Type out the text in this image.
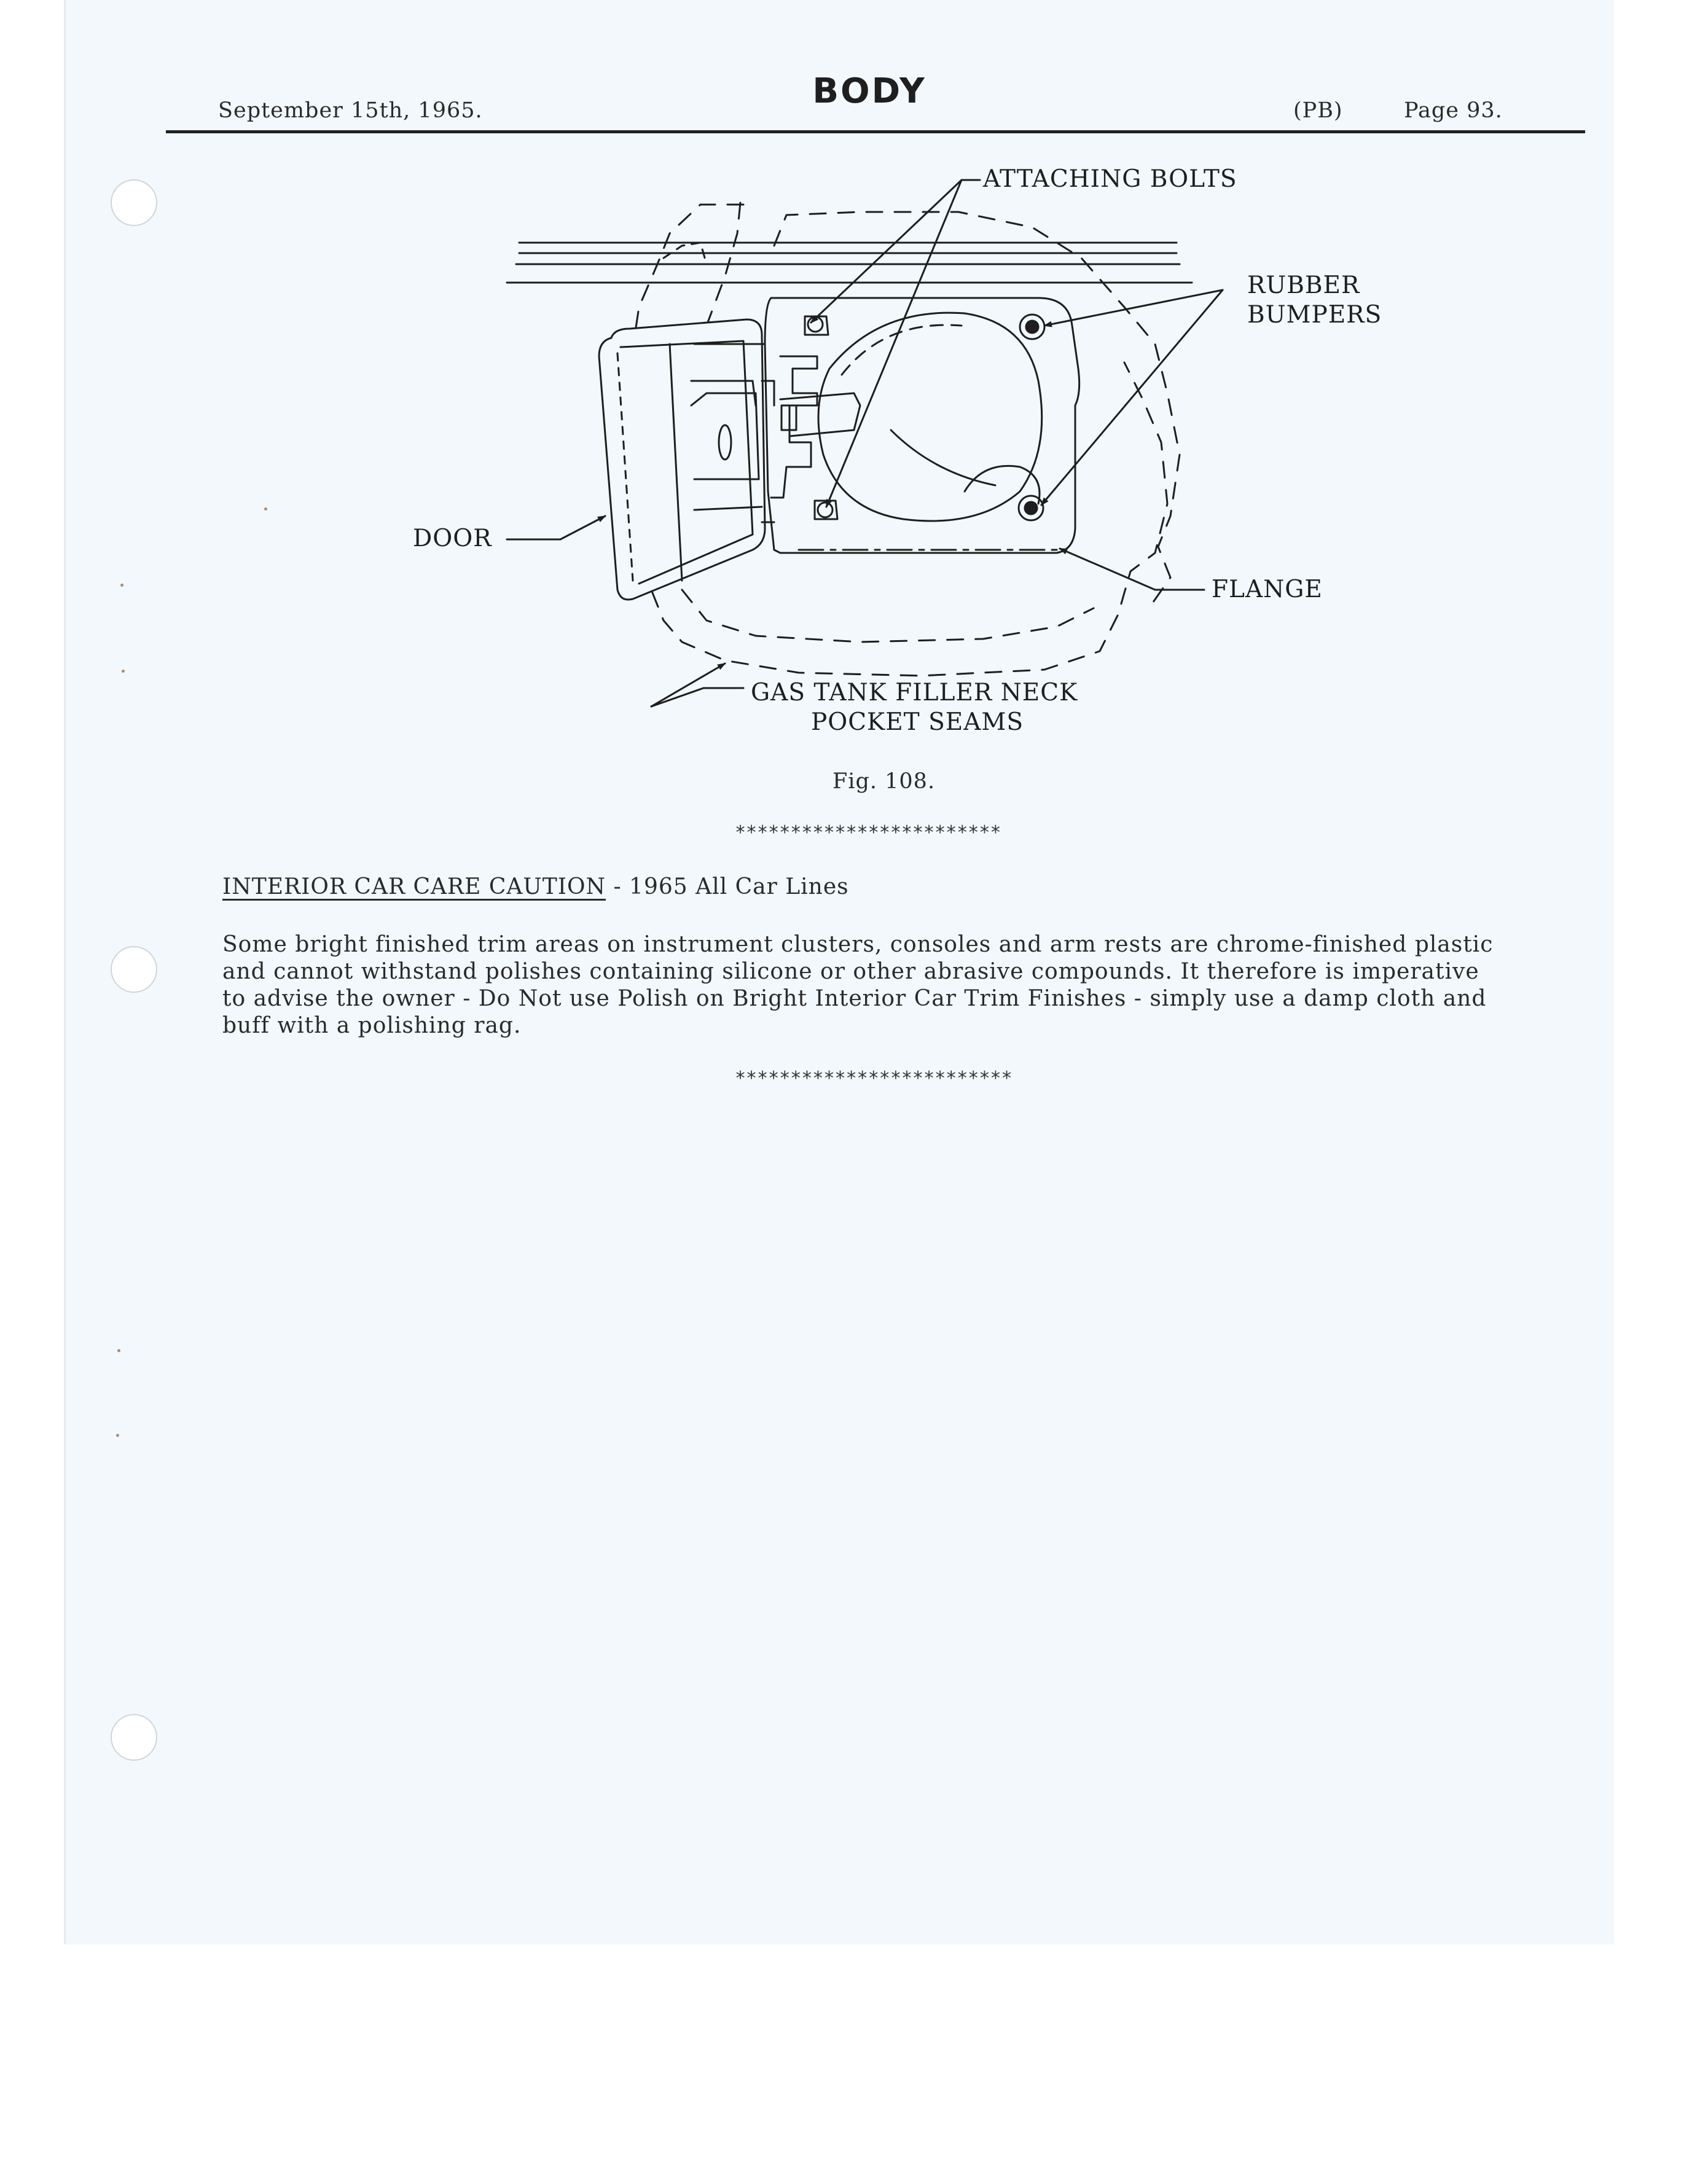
September 15th, 1965.	BODY	(PB)	Page 93.
ATTACHING BOLTS
RUBBER
BUMPERS
DOOR
FLANGE
GAS TANK FILLER NECK
POCKET SEAMS
Fig. 108.
************************
INTERIOR CAR CARE CAUTION - 1965 All Car Lines
Some bright finished trim areas on instrument clusters, consoles and arm rests are chrome-finished plastic and cannot withstand polishes containing silicone or other abrasive compounds. It therefore is imperative to advise the owner - Do Not use Polish on Bright Interior Car Trim Finishes - simply use a damp cloth and buff with a polishing rag.
*************************
